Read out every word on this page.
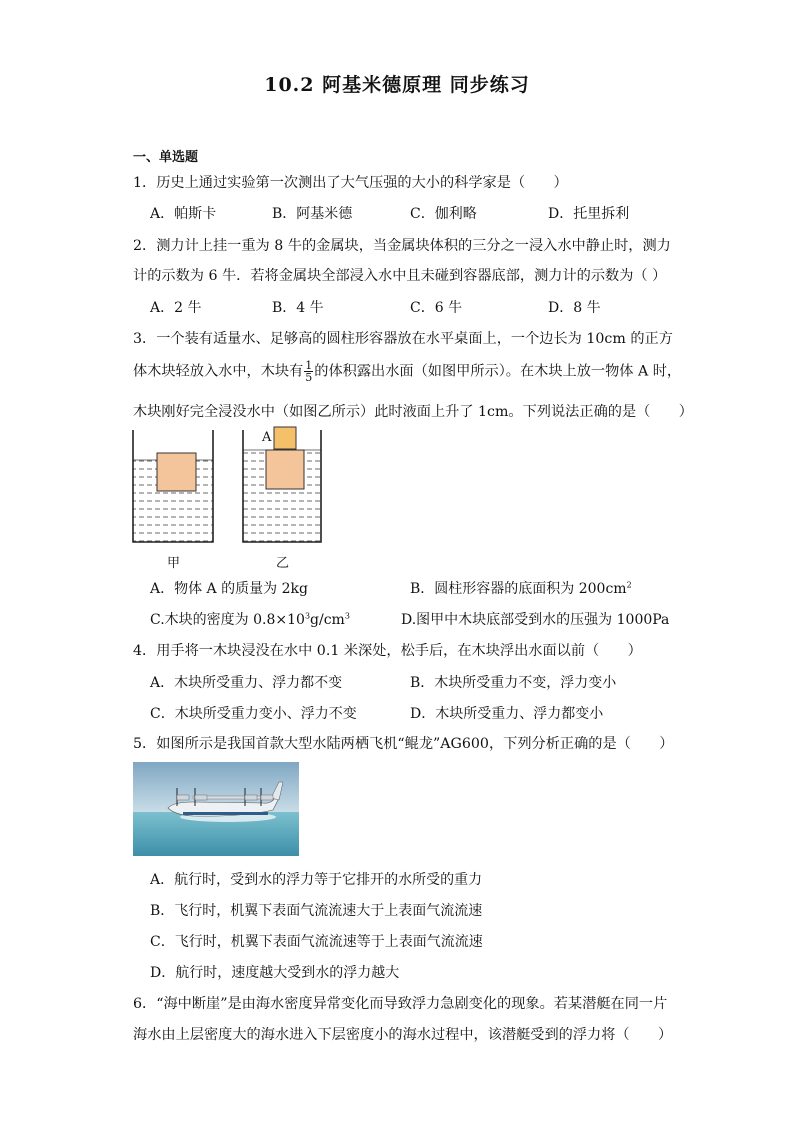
10.2 阿基米德原理 同步练习
一、单选题
1．历史上通过实验第一次测出了大气压强的大小的科学家是（　　）
A．帕斯卡	B．阿基米德	C．伽利略	D．托里拆利
2．测力计上挂一重为 8 牛的金属块，当金属块体积的三分之一浸入水中静止时，测力
计的示数为 6 牛．若将金属块全部浸入水中且未碰到容器底部，测力计的示数为（ ）
A．2 牛	B．4 牛	C．6 牛	D．8 牛
3．一个装有适量水、足够高的圆柱形容器放在水平桌面上，一个边长为 10cm 的正方
体木块轻放入水中，木块有 $\frac{1}{5}$ 的体积露出水面（如图甲所示）。在木块上放一物体 A 时，
木块刚好完全浸没水中（如图乙所示）此时液面上升了 1cm。下列说法正确的是（　　）
A
甲	乙
A．物体 A 的质量为 2kg	B．圆柱形容器的底面积为 $200cm^2$
C.木块的密度为 $0.8\times 10^3g/cm^3$	D.图甲中木块底部受到水的压强为 1000Pa
4．用手将一木块浸没在水中 0.1 米深处，松手后，在木块浮出水面以前（　　）
A．木块所受重力、浮力都不变	B．木块所受重力不变，浮力变小
C．木块所受重力变小、浮力不变	D．木块所受重力、浮力都变小
5．如图所示是我国首款大型水陆两栖飞机“鲲龙”AG600，下列分析正确的是（　　）
A．航行时，受到水的浮力等于它排开的水所受的重力
B．飞行时，机翼下表面气流流速大于上表面气流流速
C．飞行时，机翼下表面气流流速等于上表面气流流速
D．航行时，速度越大受到水的浮力越大
6．“海中断崖”是由海水密度异常变化而导致浮力急剧变化的现象。若某潜艇在同一片
海水由上层密度大的海水进入下层密度小的海水过程中，该潜艇受到的浮力将（　　）
